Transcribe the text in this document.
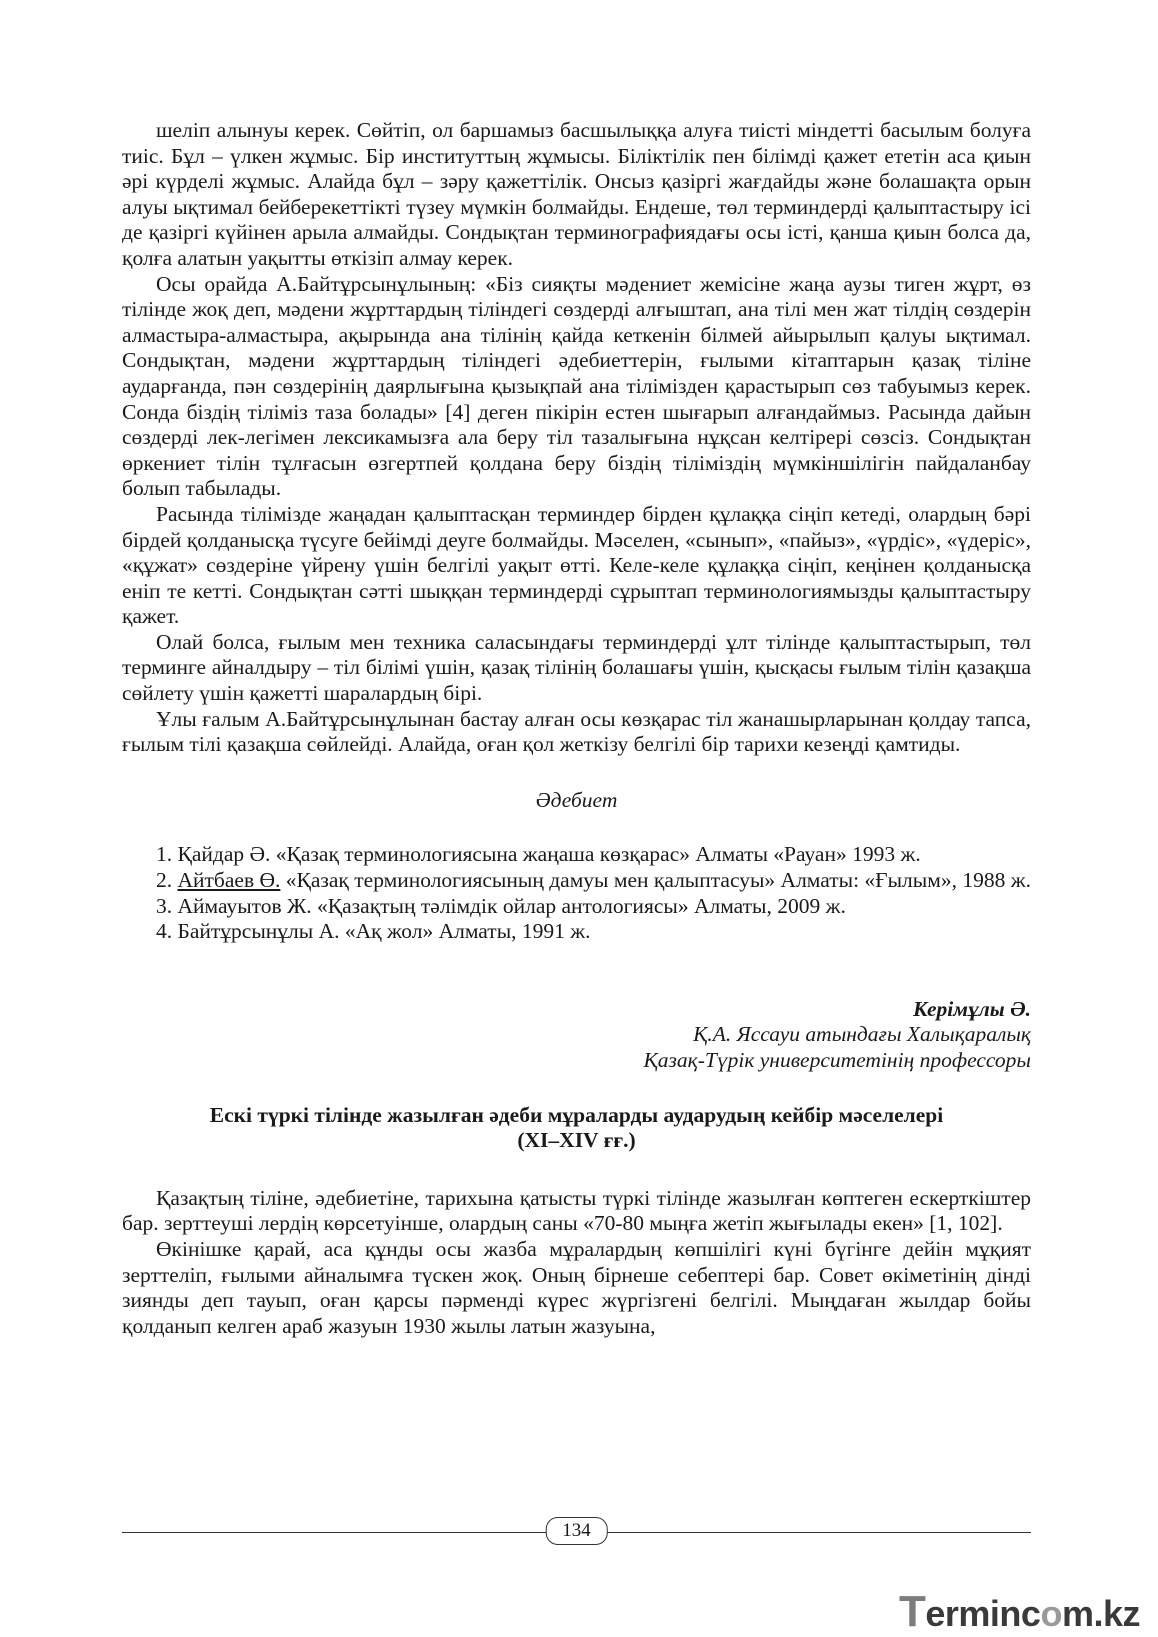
шеліп алынуы керек. Сөйтіп, ол баршамыз басшылыққа алуға тиісті міндетті басылым болуға тиіс. Бұл – үлкен жұмыс. Бір институттың жұмысы. Біліктілік пен білімді қажет ететін аса қиын әрі күрделі жұмыс. Алайда бұл – зәру қажеттілік. Онсыз қазіргі жағдайды және болашақта орын алуы ықтимал бейберекеттікті түзеу мүмкін болмайды. Ендеше, төл терминдерді қалыптастыру ісі де қазіргі күйінен арыла алмайды. Сондықтан терминографиядағы осы істі, қанша қиын болса да, қолға алатын уақытты өткізіп алмау керек.

Осы орайда А.Байтұрсынұлының: «Біз сияқты мәдениет жемісіне жаңа аузы тиген жұрт, өз тілінде жоқ деп, мәдени жұрттардың тіліндегі сөздерді алғыштап, ана тілі мен жат тілдің сөздерін алмастыра-алмастыра, ақырында ана тілінің қайда кеткенін білмей айырылып қалуы ықтимал. Сондықтан, мәдени жұрттардың тіліндегі әдебиеттерін, ғылыми кітаптарын қазақ тіліне аударғанда, пән сөздерінің даярлығына қызықпай ана тілімізден қарастырып сөз табуымыз керек. Сонда біздің тіліміз таза болады» [4] деген пікірін естен шығарып алғандаймыз. Расында дайын сөздерді лек-легімен лексикамызға ала беру тіл тазалығына нұқсан келтірері сөзсіз. Сондықтан өркениет тілін тұлғасын өзгертпей қолдана беру біздің тіліміздің мүмкіншілігін пайдаланбау болып табылады.

Расында тілімізде жаңадан қалыптасқан терминдер бірден құлаққа сіңіп кетеді, олардың бәрі бірдей қолданысқа түсуге бейімді деуге болмайды. Мәселен, «сынып», «пайыз», «үрдіс», «үдеріс», «құжат» сөздеріне үйрену үшін белгілі уақыт өтті. Келе-келе құлаққа сіңіп, кеңінен қолданысқа еніп те кетті. Сондықтан сәтті шыққан терминдерді сұрыптап терминологиямызды қалыптастыру қажет.

Олай болса, ғылым мен техника саласындағы терминдерді ұлт тілінде қалыптастырып, төл терминге айналдыру – тіл білімі үшін, қазақ тілінің болашағы үшін, қысқасы ғылым тілін қазақша сөйлету үшін қажетті шаралардың бірі.

Ұлы ғалым А.Байтұрсынұлынан бастау алған осы көзқарас тіл жанашырларынан қолдау тапса, ғылым тілі қазақша сөйлейді. Алайда, оған қол жеткізу белгілі бір тарихи кезеңді қамтиды.

Әдебиет

1. Қайдар Ә. «Қазақ терминологиясына жаңаша көзқарас» Алматы «Рауан» 1993 ж.

2. Айтбаев Ө. «Қазақ терминологиясының дамуы мен қалыптасуы» Алматы: «Ғылым», 1988 ж.

3. Аймауытов Ж. «Қазақтың тәлімдік ойлар антологиясы» Алматы, 2009 ж.

4. Байтұрсынұлы А. «Ақ жол» Алматы, 1991 ж.

Керімұлы Ә.
Қ.А. Яссауи атындағы Халықаралық
Қазақ-Түрік университетінің профессоры
Ескі түркі тілінде жазылған әдеби мұраларды аударудың кейбір мәселелері
(XI–XIV ғғ.)

Қазақтың тіліне, әдебиетіне, тарихына қатысты түркі тілінде жазылған көптеген ескерткіштер бар. зерттеуші лердің көрсетуінше, олардың саны «70-80 мыңға жетіп жығылады екен» [1, 102].

Өкінішке қарай, аса құнды осы жазба мұралардың көпшілігі күні бүгінге дейін мұқият зерттеліп, ғылыми айналымға түскен жоқ. Оның бірнеше себептері бар. Совет өкіметінің дінді зиянды деп тауып, оған қарсы пәрменді күрес жүргізгені белгілі. Мыңдаған жылдар бойы қолданып келген араб жазуын 1930 жылы латын жазуына,

134
T erminc о m.kz
